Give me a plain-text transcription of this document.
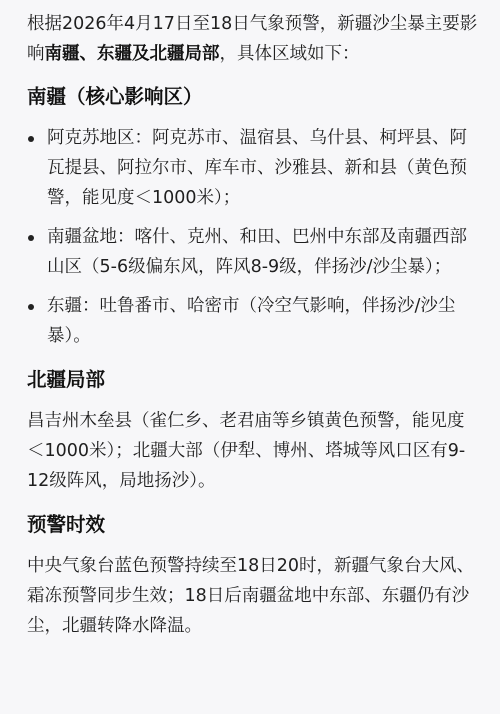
根据2026年4月17日至18日气象预警，新疆沙尘暴主要影响南疆、东疆及北疆局部，具体区域如下：

南疆（核心影响区）
阿克苏地区：阿克苏市、温宿县、乌什县、柯坪县、阿瓦提县、阿拉尔市、库车市、沙雅县、新和县（黄色预警，能见度＜1000米）；
南疆盆地：喀什、克州、和田、巴州中东部及南疆西部山区（5-6级偏东风，阵风8-9级，伴扬沙/沙尘暴）；
东疆：吐鲁番市、哈密市（冷空气影响，伴扬沙/沙尘暴）。
北疆局部

昌吉州木垒县（雀仁乡、老君庙等乡镇黄色预警，能见度＜1000米）；北疆大部（伊犁、博州、塔城等风口区有9-12级阵风，局地扬沙）。

预警时效

中央气象台蓝色预警持续至18日20时，新疆气象台大风、霜冻预警同步生效；18日后南疆盆地中东部、东疆仍有沙尘，北疆转降水降温。
